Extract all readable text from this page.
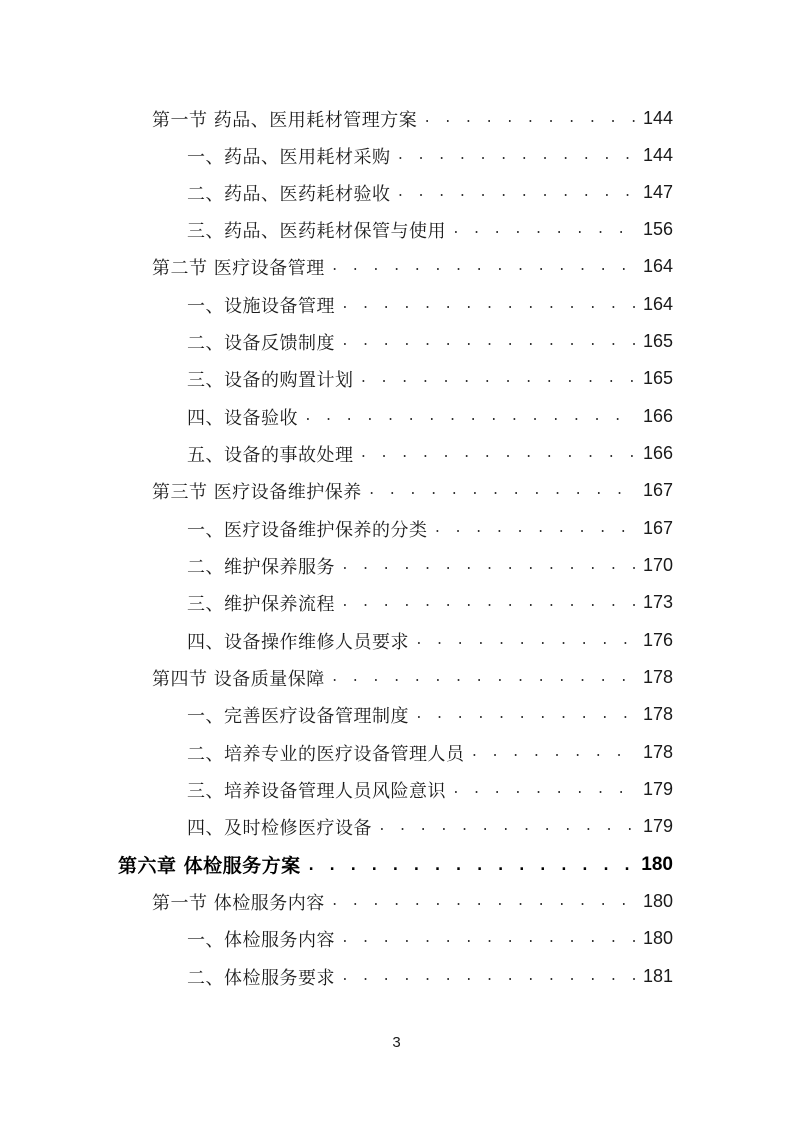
第一节 药品、医用耗材管理方案 . . .	144
一、药品、医用耗材采购 . . .	144
二、药品、医药耗材验收 . . .	147
三、药品、医药耗材保管与使用 . . .	156
第二节 医疗设备管理 . . .	164
一、设施设备管理 . . .	164
二、设备反馈制度 . . .	165
三、设备的购置计划 . . .	165
四、设备验收 . . .	166
五、设备的事故处理 . . .	166
第三节 医疗设备维护保养 . . .	167
一、医疗设备维护保养的分类 . . .	167
二、维护保养服务 . . .	170
三、维护保养流程 . . .	173
四、设备操作维修人员要求 . . .	176
第四节 设备质量保障 . . .	178
一、完善医疗设备管理制度 . . .	178
二、培养专业的医疗设备管理人员 . . .	178
三、培养设备管理人员风险意识 . . .	179
四、及时检修医疗设备 . . .	179
第六章 体检服务方案 . . .	180
第一节 体检服务内容 . . .	180
一、体检服务内容 . . .	180
二、体检服务要求 . . .	181
3
